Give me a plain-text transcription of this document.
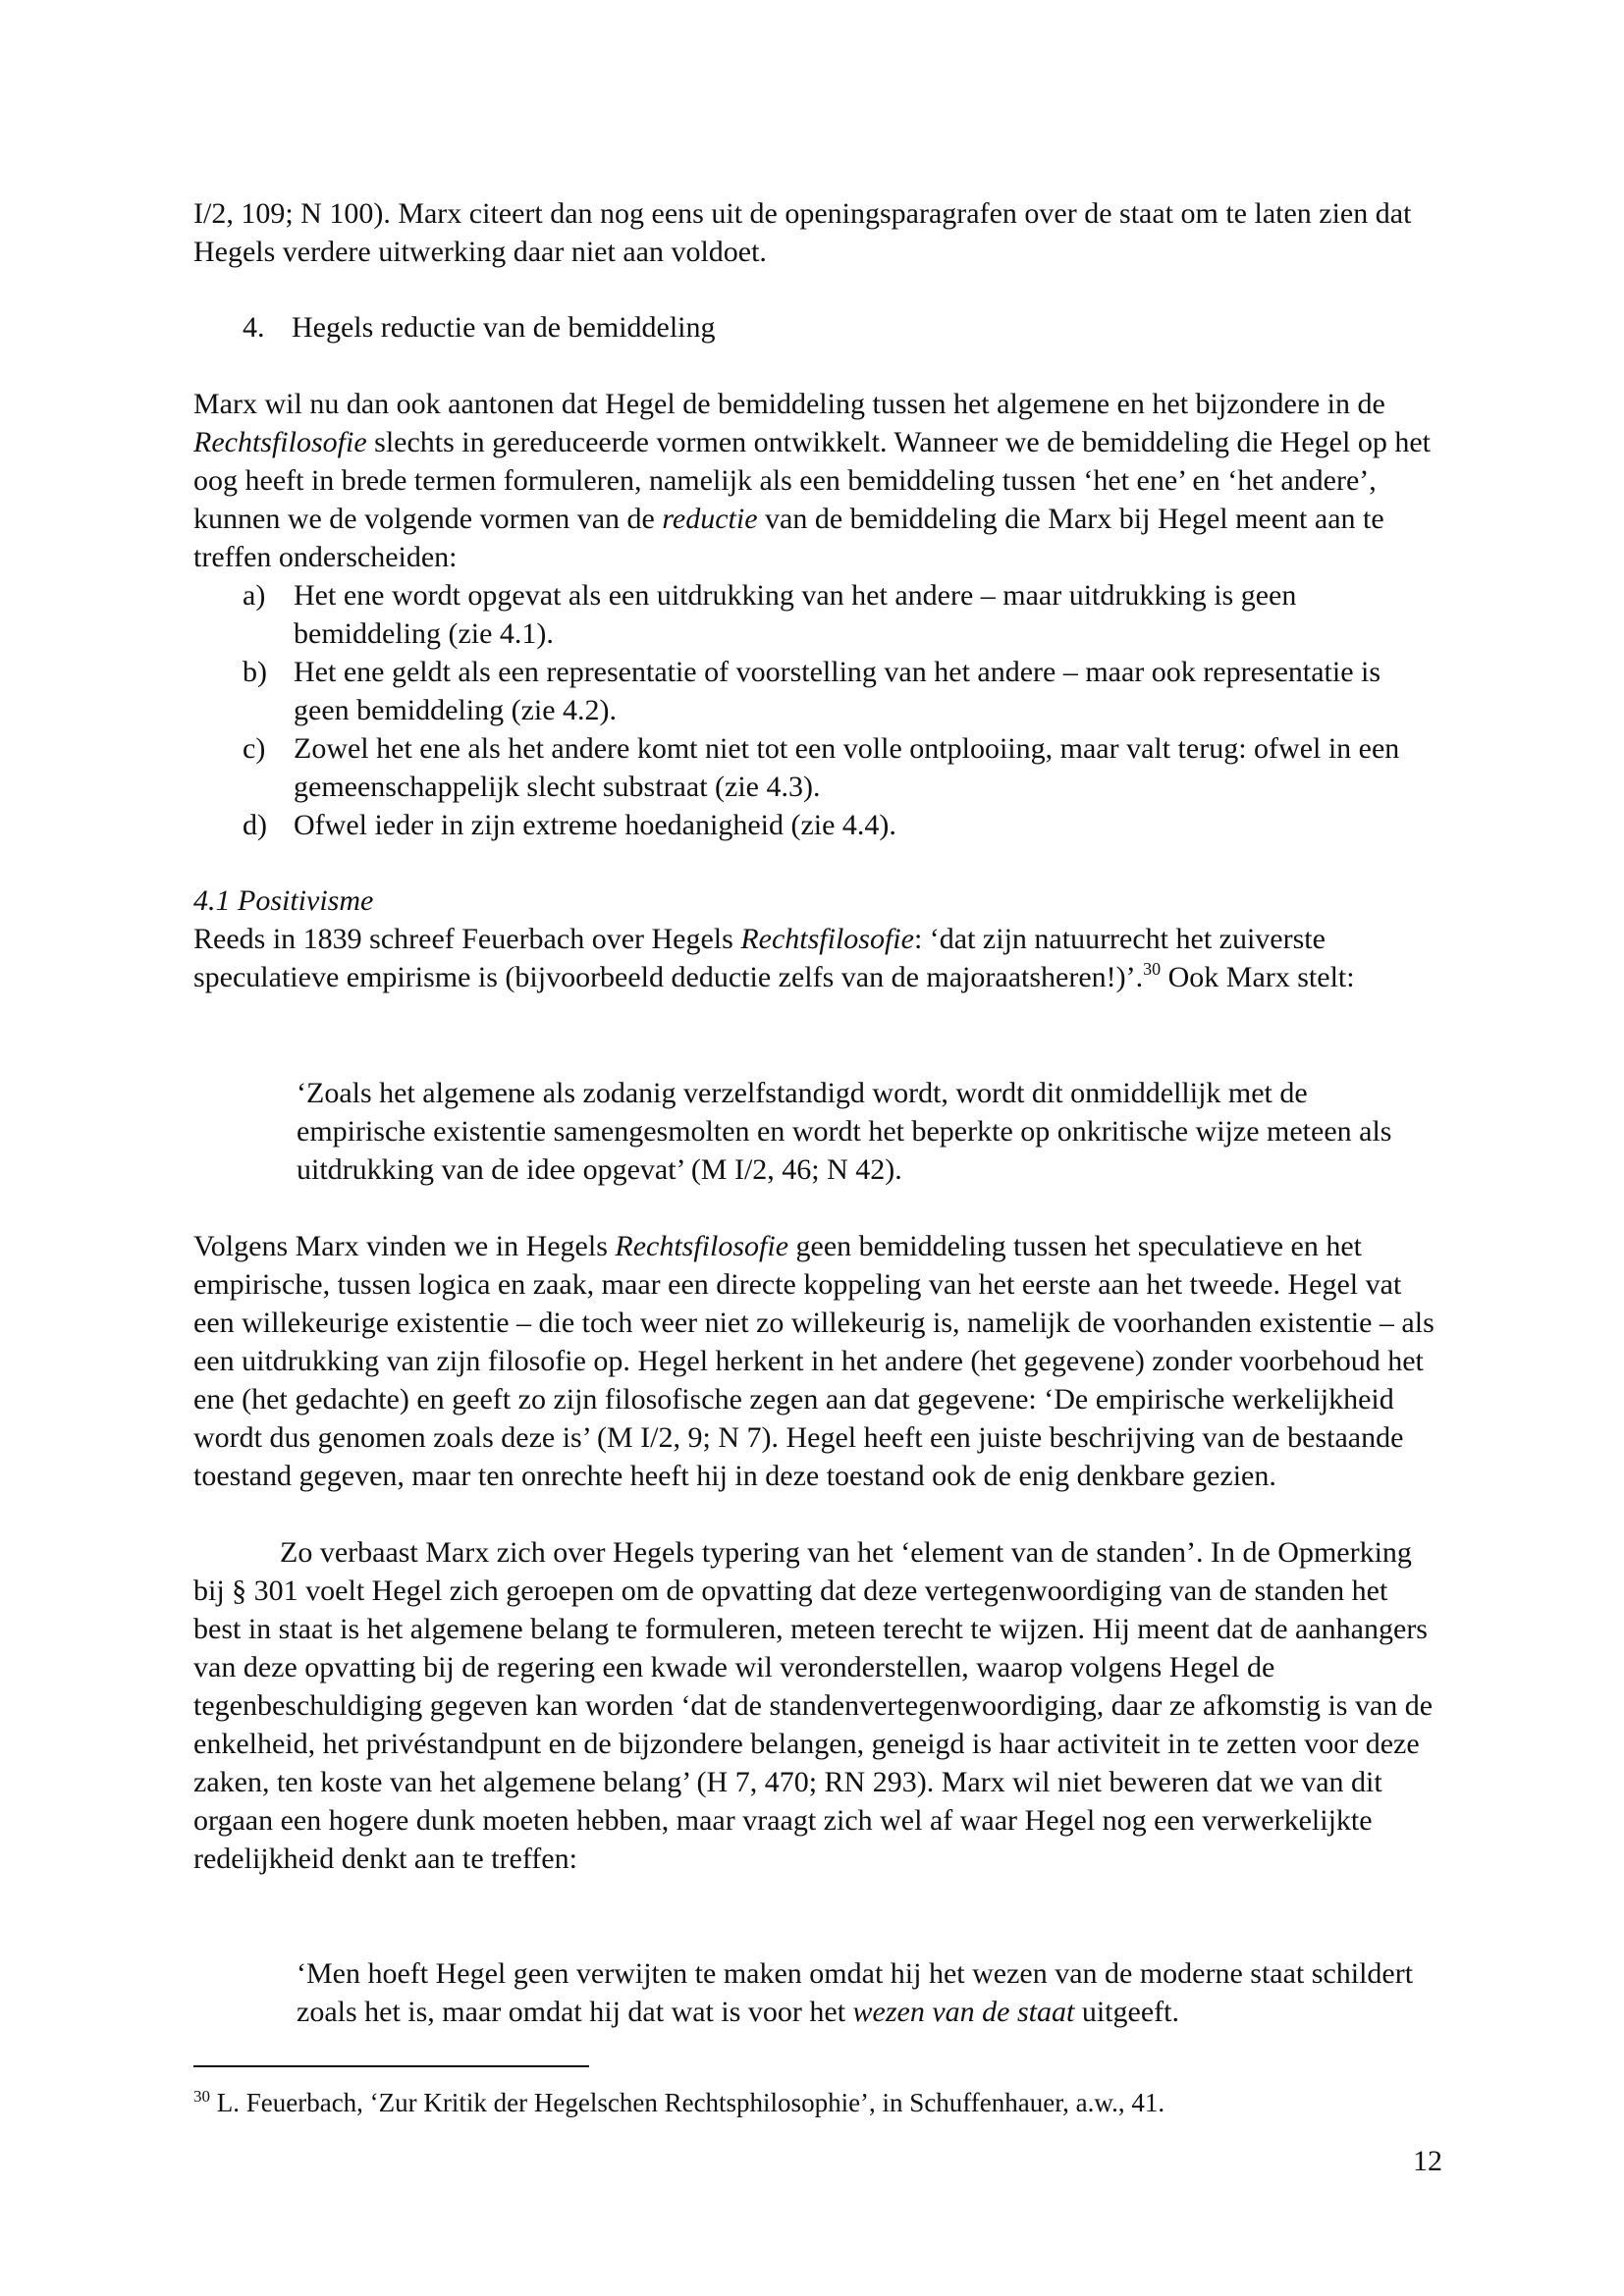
I/2, 109; N 100). Marx citeert dan nog eens uit de openingsparagrafen over de staat om te laten zien dat Hegels verdere uitwerking daar niet aan voldoet.

4. Hegels reductie van de bemiddeling

Marx wil nu dan ook aantonen dat Hegel de bemiddeling tussen het algemene en het bijzondere in de Rechtsfilosofie slechts in gereduceerde vormen ontwikkelt. Wanneer we de bemiddeling die Hegel op het oog heeft in brede termen formuleren, namelijk als een bemiddeling tussen ‘het ene’ en ‘het andere’, kunnen we de volgende vormen van de reductie van de bemiddeling die Marx bij Hegel meent aan te treffen onderscheiden:

a) Het ene wordt opgevat als een uitdrukking van het andere – maar uitdrukking is geen bemiddeling (zie 4.1).
b) Het ene geldt als een representatie of voorstelling van het andere – maar ook representatie is geen bemiddeling (zie 4.2).
c) Zowel het ene als het andere komt niet tot een volle ontplooiing, maar valt terug: ofwel in een gemeenschappelijk slecht substraat (zie 4.3).
d) Ofwel ieder in zijn extreme hoedanigheid (zie 4.4).

4.1 Positivisme

Reeds in 1839 schreef Feuerbach over Hegels Rechtsfilosofie: ‘dat zijn natuurrecht het zuiverste speculatieve empirisme is (bijvoorbeeld deductie zelfs van de majoraatsheren!)’.$^{30}$ Ook Marx stelt:

‘Zoals het algemene als zodanig verzelfstandigd wordt, wordt dit onmiddellijk met de empirische existentie samengesmolten en wordt het beperkte op onkritische wijze meteen als uitdrukking van de idee opgevat’ (M I/2, 46; N 42).

Volgens Marx vinden we in Hegels Rechtsfilosofie geen bemiddeling tussen het speculatieve en het empirische, tussen logica en zaak, maar een directe koppeling van het eerste aan het tweede. Hegel vat een willekeurige existentie – die toch weer niet zo willekeurig is, namelijk de voorhanden existentie – als een uitdrukking van zijn filosofie op. Hegel herkent in het andere (het gegevene) zonder voorbehoud het ene (het gedachte) en geeft zo zijn filosofische zegen aan dat gegevene: ‘De empirische werkelijkheid wordt dus genomen zoals deze is’ (M I/2, 9; N 7). Hegel heeft een juiste beschrijving van de bestaande toestand gegeven, maar ten onrechte heeft hij in deze toestand ook de enig denkbare gezien.

Zo verbaast Marx zich over Hegels typering van het ‘element van de standen’. In de Opmerking bij § 301 voelt Hegel zich geroepen om de opvatting dat deze vertegenwoordiging van de standen het best in staat is het algemene belang te formuleren, meteen terecht te wijzen. Hij meent dat de aanhangers van deze opvatting bij de regering een kwade wil veronderstellen, waarop volgens Hegel de tegenbeschuldiging gegeven kan worden ‘dat de standenvertegenwoordiging, daar ze afkomstig is van de enkelheid, het privéstandpunt en de bijzondere belangen, geneigd is haar activiteit in te zetten voor deze zaken, ten koste van het algemene belang’ (H 7, 470; RN 293). Marx wil niet beweren dat we van dit orgaan een hogere dunk moeten hebben, maar vraagt zich wel af waar Hegel nog een verwerkelijkte redelijkheid denkt aan te treffen:

‘Men hoeft Hegel geen verwijten te maken omdat hij het wezen van de moderne staat schildert zoals het is, maar omdat hij dat wat is voor het wezen van de staat uitgeeft.

$^{30}$ L. Feuerbach, ‘Zur Kritik der Hegelschen Rechtsphilosophie’, in Schuffenhauer, a.w., 41.

12
